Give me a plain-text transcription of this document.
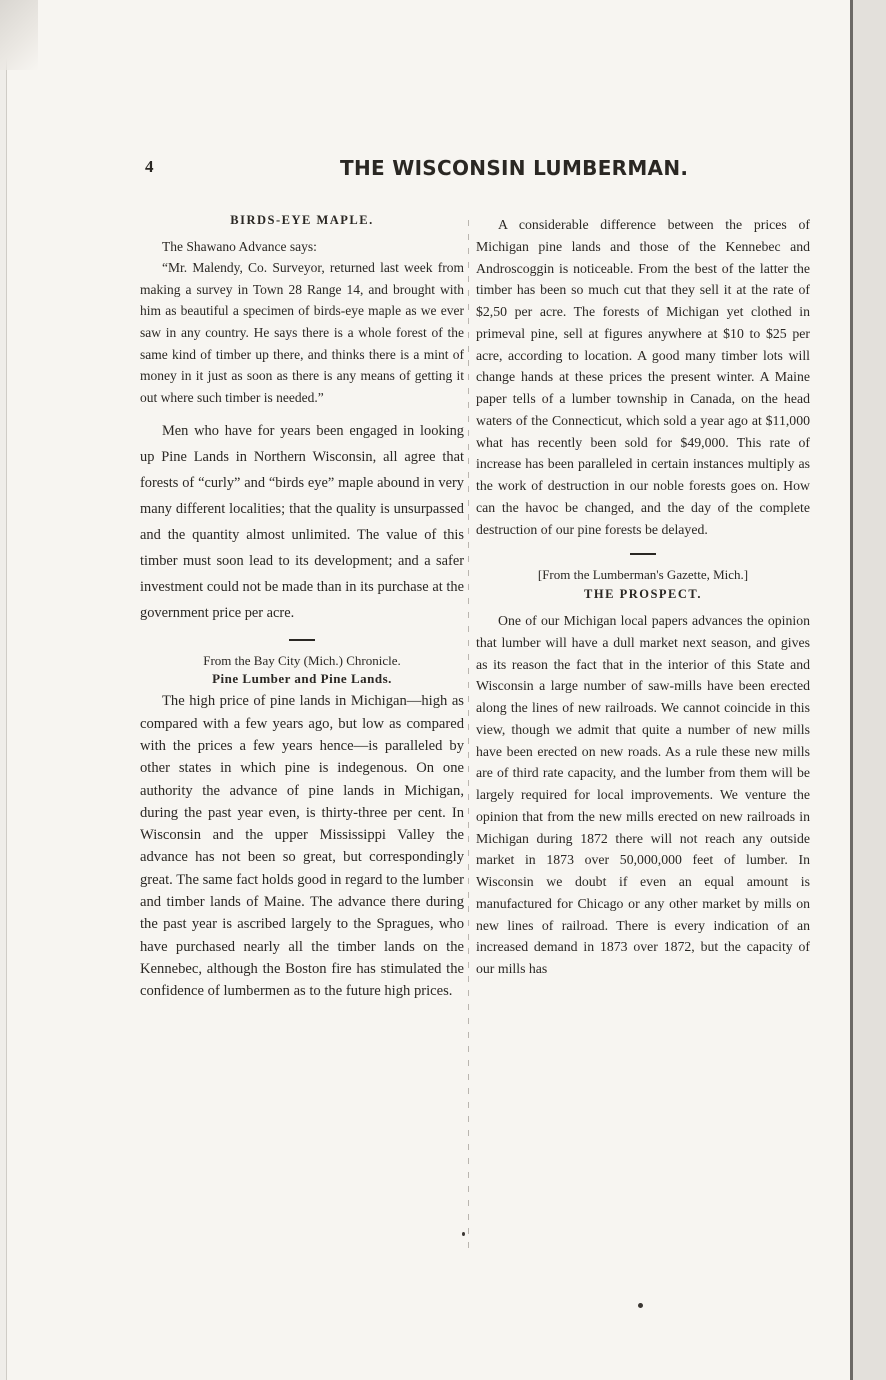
4	THE WISCONSIN LUMBERMAN.
BIRDS-EYE MAPLE.

The Shawano Advance says:

“Mr. Malendy, Co. Surveyor, returned last week from making a survey in Town 28 Range 14, and brought with him as beautiful a specimen of birds-eye maple as we ever saw in any country. He says there is a whole forest of the same kind of timber up there, and thinks there is a mint of money in it just as soon as there is any means of getting it out where such timber is needed.”

Men who have for years been engaged in looking up Pine Lands in Northern Wisconsin, all agree that forests of “curly” and “birds eye” maple abound in very many different localities; that the quality is unsurpassed and the quantity almost unlimited. The value of this timber must soon lead to its development; and a safer investment could not be made than in its purchase at the government price per acre.

From the Bay City (Mich.) Chronicle.
Pine Lumber and Pine Lands.

The high price of pine lands in Michigan—high as compared with a few years ago, but low as compared with the prices a few years hence—is paralleled by other states in which pine is indegenous. On one authority the advance of pine lands in Michigan, during the past year even, is thirty-three per cent. In Wisconsin and the upper Mississippi Valley the advance has not been so great, but correspondingly great. The same fact holds good in regard to the lumber and timber lands of Maine. The advance there during the past year is ascribed largely to the Spragues, who have purchased nearly all the timber lands on the Kennebec, although the Boston fire has stimulated the confidence of lumbermen as to the future high prices.

A considerable difference between the prices of Michigan pine lands and those of the Kennebec and Androscoggin is noticeable. From the best of the latter the timber has been so much cut that they sell it at the rate of $2,50 per acre. The forests of Michigan yet clothed in primeval pine, sell at figures anywhere at $10 to $25 per acre, according to location. A good many timber lots will change hands at these prices the present winter. A Maine paper tells of a lumber township in Canada, on the head waters of the Connecticut, which sold a year ago at $11,000 what has recently been sold for $49,000. This rate of increase has been paralleled in certain instances multiply as the work of destruction in our noble forests goes on. How can the havoc be changed, and the day of the complete destruction of our pine forests be delayed.

[From the Lumberman's Gazette, Mich.]
THE PROSPECT.

One of our Michigan local papers advances the opinion that lumber will have a dull market next season, and gives as its reason the fact that in the interior of this State and Wisconsin a large number of saw-mills have been erected along the lines of new railroads. We cannot coincide in this view, though we admit that quite a number of new mills have been erected on new roads. As a rule these new mills are of third rate capacity, and the lumber from them will be largely required for local improvements. We venture the opinion that from the new mills erected on new railroads in Michigan during 1872 there will not reach any outside market in 1873 over 50,000,000 feet of lumber. In Wisconsin we doubt if even an equal amount is manufactured for Chicago or any other market by mills on new lines of railroad. There is every indication of an increased demand in 1873 over 1872, but the capacity of our mills has
